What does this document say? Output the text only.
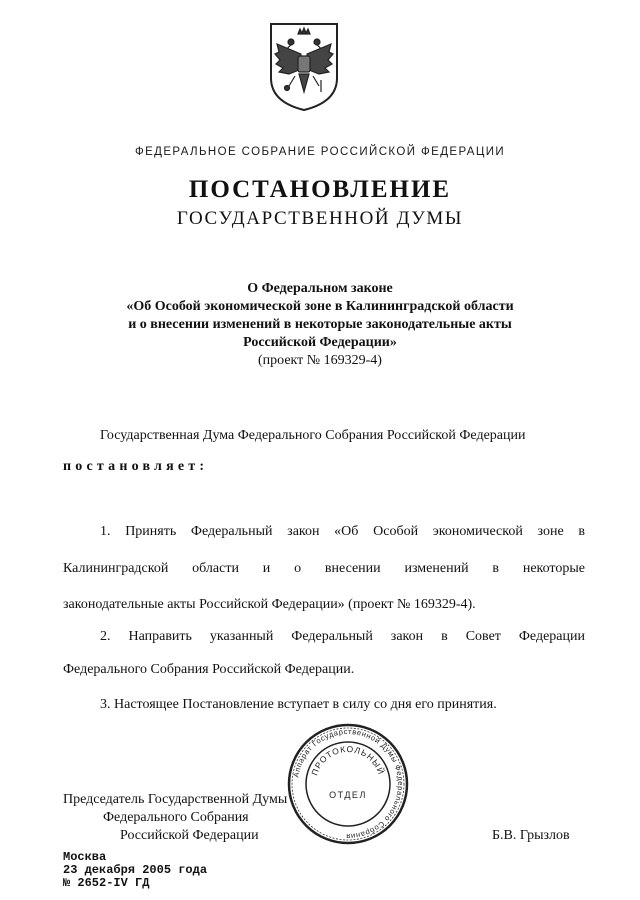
ФЕДЕРАЛЬНОЕ СОБРАНИЕ РОССИЙСКОЙ ФЕДЕРАЦИИ
ПОСТАНОВЛЕНИЕ
ГОСУДАРСТВЕННОЙ ДУМЫ
О Федеральном законе
«Об Особой экономической зоне в Калининградской области
и о внесении изменений в некоторые законодательные акты
Российской Федерации»
(проект № 169329-4)
Государственная Дума Федерального Собрания Российской Федерации
постановляет:
1. Принять Федеральный закон «Об Особой экономической зоне в
Калининградской области и о внесении изменений в некоторые
законодательные акты Российской Федерации» (проект № 169329-4).
2. Направить указанный Федеральный закон в Совет Федерации
Федерального Собрания Российской Федерации.
3. Настоящее Постановление вступает в силу со дня его принятия.
Аппарат Государственной Думы Федерального Собрания
ПРОТОКОЛЬНЫЙ
ОТДЕЛ
Председатель Государственной Думы
Федерального Собрания
Российской Федерации	Б.В. Грызлов
Москва
23 декабря 2005 года
№ 2652-IV ГД
